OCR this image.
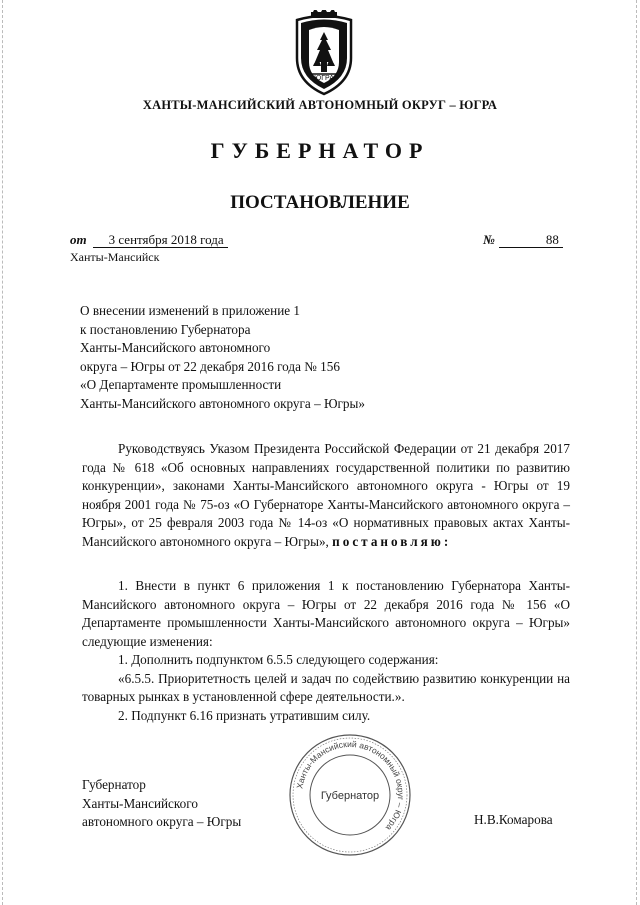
ЮГРА
ХАНТЫ-МАНСИЙСКИЙ АВТОНОМНЫЙ ОКРУГ – ЮГРА
ГУБЕРНАТОР
ПОСТАНОВЛЕНИЕ
от 3 сентября 2018 года	№	88
Ханты-Мансийск
О внесении изменений в приложение 1
к постановлению Губернатора
Ханты-Мансийского автономного
округа – Югры от 22 декабря 2016 года № 156
«О Департаменте промышленности
Ханты-Мансийского автономного округа – Югры»
Руководствуясь Указом Президента Российской Федерации от 21 декабря 2017 года № 618 «Об основных направлениях государственной политики по развитию конкуренции», законами Ханты-Мансийского автономного округа - Югры от 19 ноября 2001 года № 75-оз «О Губернаторе Ханты-Мансийского автономного округа – Югры», от 25 февраля 2003 года № 14-оз «О нормативных правовых актах Ханты-Мансийского автономного округа – Югры», постановляю:
1. Внести в пункт 6 приложения 1 к постановлению Губернатора Ханты-Мансийского автономного округа – Югры от 22 декабря 2016 года № 156 «О Департаменте промышленности Ханты-Мансийского автономного округа – Югры» следующие изменения:
1. Дополнить подпунктом 6.5.5 следующего содержания:
«6.5.5. Приоритетность целей и задач по содействию развитию конкуренции на товарных рынках в установленной сфере деятельности.».
2. Подпункт 6.16 признать утратившим силу.
Губернатор
Ханты-Мансийского
автономного округа – Югры
Ханты-Мансийский автономный округ – Югра
Губернатор
Н.В.Комарова
